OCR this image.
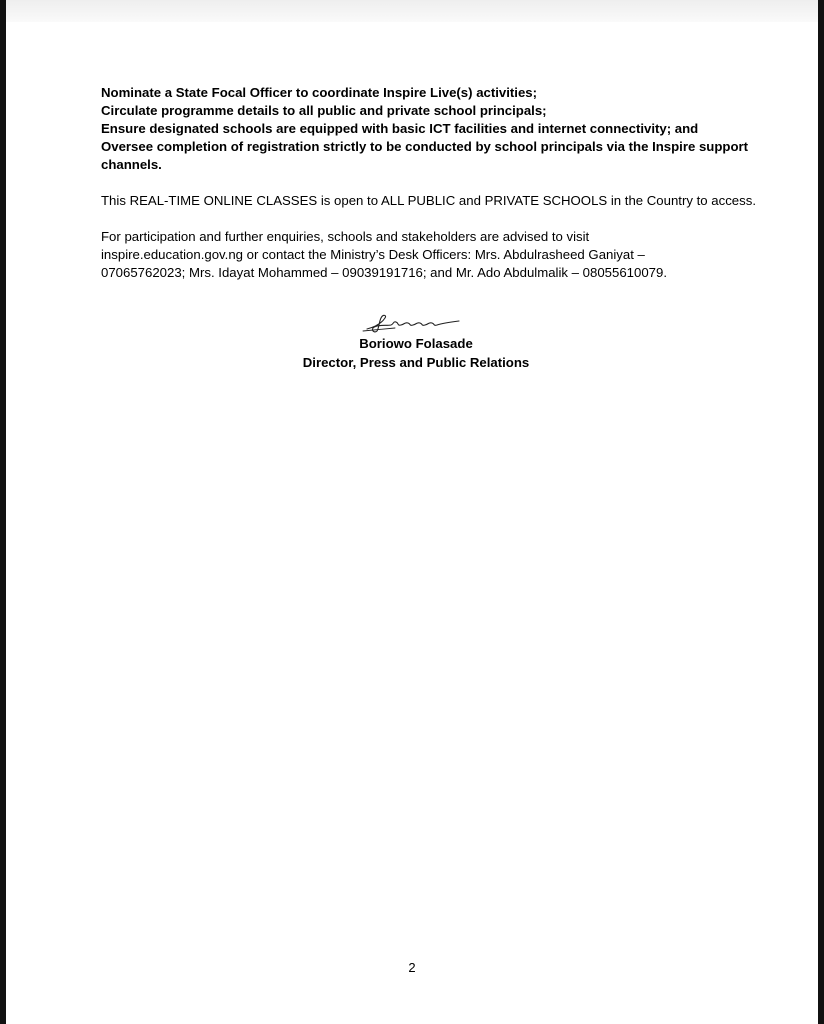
Nominate a State Focal Officer to coordinate Inspire Live(s) activities;
Circulate programme details to all public and private school principals;
Ensure designated schools are equipped with basic ICT facilities and internet connectivity; and
Oversee completion of registration strictly to be conducted by school principals via the Inspire support
channels.
This REAL-TIME ONLINE CLASSES is open to ALL PUBLIC and PRIVATE SCHOOLS in the Country to access.
For participation and further enquiries, schools and stakeholders are advised to visit
inspire.education.gov.ng or contact the Ministry’s Desk Officers: Mrs. Abdulrasheed Ganiyat –
07065762023; Mrs. Idayat Mohammed – 09039191716; and Mr. Ado Abdulmalik – 08055610079.
Boriowo Folasade
Director, Press and Public Relations
2
